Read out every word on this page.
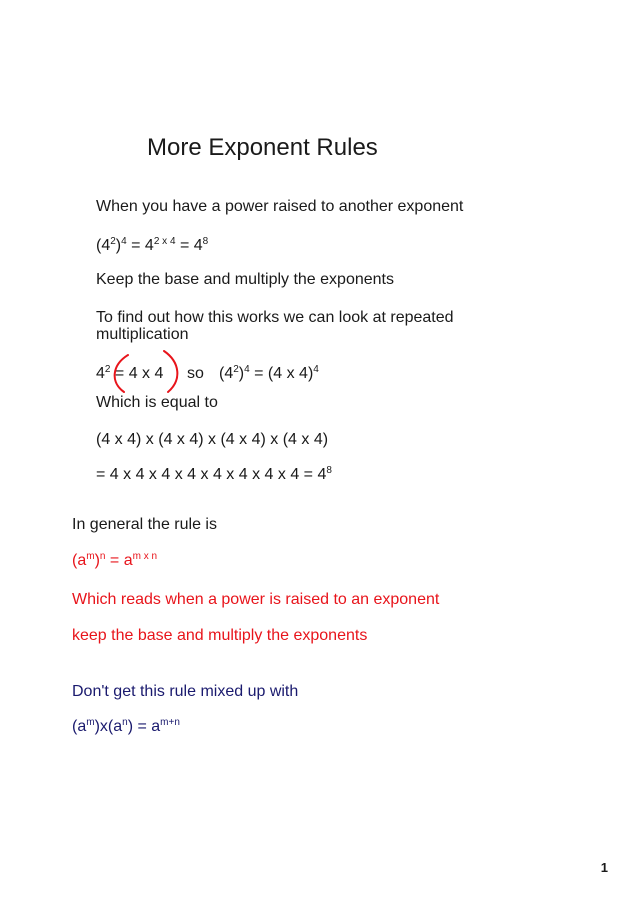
More Exponent Rules
When you have a power raised to another exponent
$(4^2)^4 = 4^{2 x 4} = 4^8$
Keep the base and multiply the exponents
To find out how this works we can look at repeated
multiplication
$4^2 = 4$ x 4 so $(4^2)^4 = (4$ x 4)$^4$
Which is equal to
(4 x 4) x (4 x 4) x (4 x 4) x (4 x 4)
= 4 x 4 x 4 x 4 x 4 x 4 x 4 x $4 = 4^8$
In general the rule is
$(a^m)^n = a^{m x n}$
Which reads when a power is raised to an exponent
keep the base and multiply the exponents
Don't get this rule mixed up with
$(a^m)x(a^n) = a^{m+n}$
1
